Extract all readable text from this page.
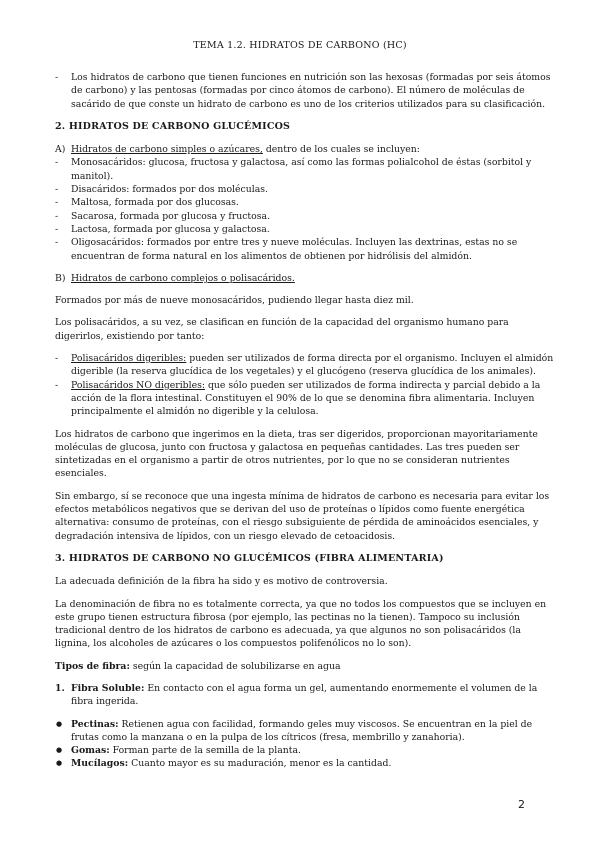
TEMA 1.2. HIDRATOS DE CARBONO (HC)
- Los hidratos de carbono que tienen funciones en nutrición son las hexosas (formadas por seis átomos de carbono) y las pentosas (formadas por cinco átomos de carbono). El número de moléculas de sacárido de que conste un hidrato de carbono es uno de los criterios utilizados para su clasificación.
2. HIDRATOS DE CARBONO GLUCÉMICOS
A) Hidratos de carbono simples o azúcares, dentro de los cuales se incluyen:
- Monosacáridos: glucosa, fructosa y galactosa, así como las formas polialcohol de éstas (sorbitol y manitol).
- Disacáridos: formados por dos moléculas.
- Maltosa, formada por dos glucosas.
- Sacarosa, formada por glucosa y fructosa.
- Lactosa, formada por glucosa y galactosa.
- Oligosacáridos: formados por entre tres y nueve moléculas. Incluyen las dextrinas, estas no se encuentran de forma natural en los alimentos de obtienen por hidrólisis del almidón.
B) Hidratos de carbono complejos o polisacáridos.

Formados por más de nueve monosacáridos, pudiendo llegar hasta diez mil.

Los polisacáridos, a su vez, se clasifican en función de la capacidad del organismo humano para digerirlos, existiendo por tanto:

- Polisacáridos digeribles: pueden ser utilizados de forma directa por el organismo. Incluyen el almidón digerible (la reserva glucídica de los vegetales) y el glucógeno (reserva glucídica de los animales).
- Polisacáridos NO digeribles: que sólo pueden ser utilizados de forma indirecta y parcial debido a la acción de la flora intestinal. Constituyen el 90% de lo que se denomina fibra alimentaria. Incluyen principalmente el almidón no digerible y la celulosa.

Los hidratos de carbono que ingerimos en la dieta, tras ser digeridos, proporcionan mayoritariamente moléculas de glucosa, junto con fructosa y galactosa en pequeñas cantidades. Las tres pueden ser sintetizadas en el organismo a partir de otros nutrientes, por lo que no se consideran nutrientes esenciales.

Sin embargo, sí se reconoce que una ingesta mínima de hidratos de carbono es necesaria para evitar los efectos metabólicos negativos que se derivan del uso de proteínas o lípidos como fuente energética alternativa: consumo de proteínas, con el riesgo subsiguiente de pérdida de aminoácidos esenciales, y degradación intensiva de lípidos, con un riesgo elevado de cetoacidosis.

3. HIDRATOS DE CARBONO NO GLUCÉMICOS (FIBRA ALIMENTARIA)

La adecuada definición de la fibra ha sido y es motivo de controversia.

La denominación de fibra no es totalmente correcta, ya que no todos los compuestos que se incluyen en este grupo tienen estructura fibrosa (por ejemplo, las pectinas no la tienen). Tampoco su inclusión tradicional dentro de los hidratos de carbono es adecuada, ya que algunos no son polisacáridos (la lignina, los alcoholes de azúcares o los compuestos polifenólicos no lo son).

Tipos de fibra: según la capacidad de solubilizarse en agua

1. Fibra Soluble: En contacto con el agua forma un gel, aumentando enormemente el volumen de la fibra ingerida.
● Pectinas: Retienen agua con facilidad, formando geles muy viscosos. Se encuentran en la piel de frutas como la manzana o en la pulpa de los cítricos (fresa, membrillo y zanahoria).
● Gomas: Forman parte de la semilla de la planta.
● Mucílagos: Cuanto mayor es su maduración, menor es la cantidad.
2
